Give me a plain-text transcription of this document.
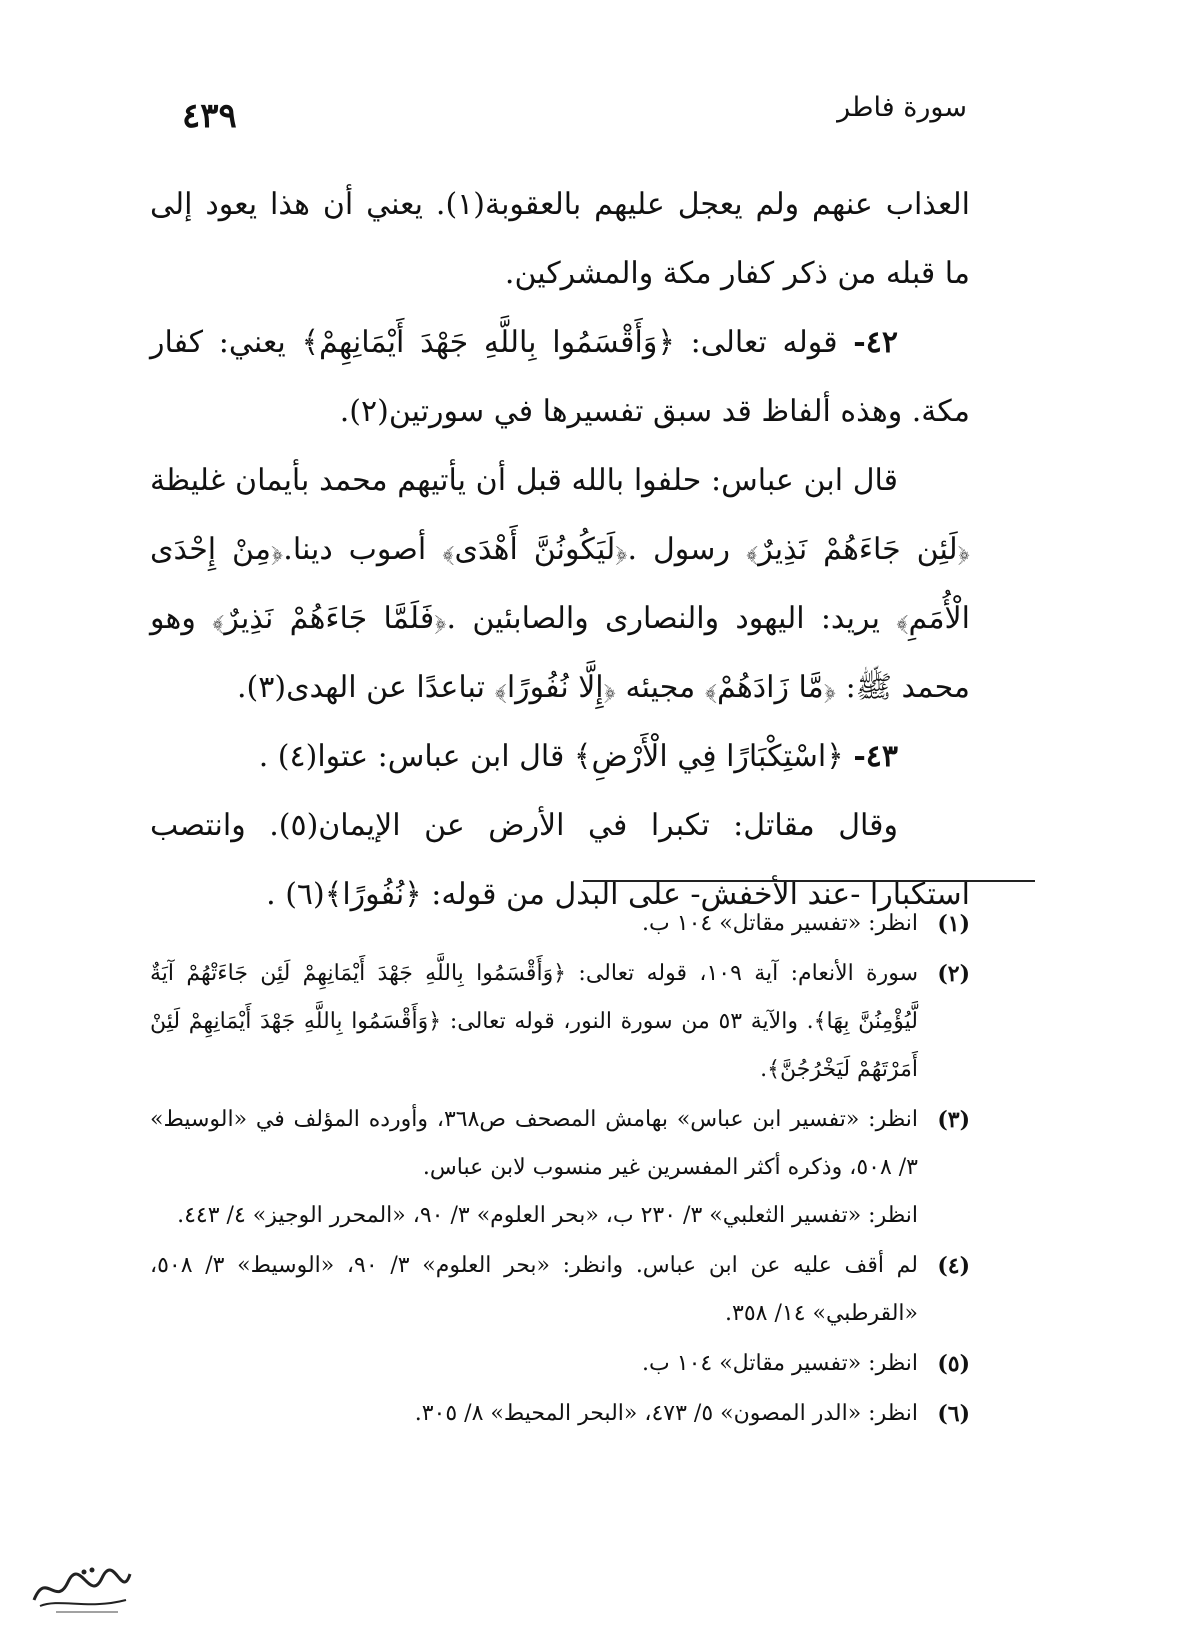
سورة فاطر
٤٣٩

العذاب عنهم ولم يعجل عليهم بالعقوبة(١). يعني أن هذا يعود إلى ما قبله من ذكر كفار مكة والمشركين.

٤٢- قوله تعالى: ﴿وَأَقْسَمُوا بِاللَّهِ جَهْدَ أَيْمَانِهِمْ﴾ يعني: كفار مكة. وهذه ألفاظ قد سبق تفسيرها في سورتين(٢).

قال ابن عباس: حلفوا بالله قبل أن يأتيهم محمد بأيمان غليظة ﴿لَئِن جَاءَهُمْ نَذِيرٌ﴾ رسول .﴿لَيَكُونُنَّ أَهْدَى﴾ أصوب دينا.﴿مِنْ إِحْدَى الْأُمَمِ﴾ يريد: اليهود والنصارى والصابئين .﴿فَلَمَّا جَاءَهُمْ نَذِيرٌ﴾ وهو محمد ﷺ: ﴿مَّا زَادَهُمْ﴾ مجيئه ﴿إِلَّا نُفُورًا﴾ تباعدًا عن الهدى(٣).

٤٣- ﴿اسْتِكْبَارًا فِي الْأَرْضِ﴾ قال ابن عباس: عتوا(٤) .

وقال مقاتل: تكبرا في الأرض عن الإيمان(٥). وانتصب استكبارا -عند الأخفش- على البدل من قوله: ﴿نُفُورًا﴾(٦) .

(١)
انظر: «تفسير مقاتل» ١٠٤ ب.
(٢)
سورة الأنعام: آية ١٠٩، قوله تعالى: ﴿وَأَقْسَمُوا بِاللَّهِ جَهْدَ أَيْمَانِهِمْ لَئِن جَاءَتْهُمْ آيَةٌ لَّيُؤْمِنُنَّ بِهَا﴾. والآية ٥٣ من سورة النور، قوله تعالى: ﴿وَأَقْسَمُوا بِاللَّهِ جَهْدَ أَيْمَانِهِمْ لَئِنْ أَمَرْتَهُمْ لَيَخْرُجُنَّ﴾.
(٣)
انظر: «تفسير ابن عباس» بهامش المصحف ص٣٦٨، وأورده المؤلف في «الوسيط» ٣/ ٥٠٨، وذكره أكثر المفسرين غير منسوب لابن عباس.
انظر: «تفسير الثعلبي» ٣/ ٢٣٠ ب، «بحر العلوم» ٣/ ٩٠، «المحرر الوجيز» ٤/ ٤٤٣.
(٤)
لم أقف عليه عن ابن عباس. وانظر: «بحر العلوم» ٣/ ٩٠، «الوسيط» ٣/ ٥٠٨، «القرطبي» ١٤/ ٣٥٨.
(٥)
انظر: «تفسير مقاتل» ١٠٤ ب.
(٦)
انظر: «الدر المصون» ٥/ ٤٧٣، «البحر المحيط» ٨/ ٣٠٥.
